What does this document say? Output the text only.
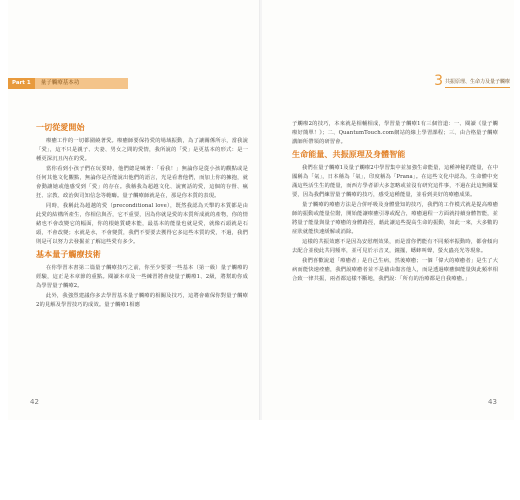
Part 1	量子觸療基本功	3 共振原理、生命力及量子觸療
一切從愛開始

療癒工作的一切都圍繞著愛。療癒師要保持愛的場域振動，為了讓關係所示，當我說「愛」，這不只是親子、夫妻、男女之間的愛情，我所說的「愛」是更基本的形式：是一種更深沉且內在的愛。

當你看到小孩子們在玩要時，他們總是喊著：「看我！」無論你是從小孩的觀點或是任何其他文化觀點，無論你是否能說出他們的語言，光是看著他們，而加上你的擁抱，就會動讓她或他感受到「愛」的存在。我稱我為超越文化、說實話的愛，這個的存督、瘋狂、宗教、政治與司知信念等範疇。量子觸療師就是在，那是你本質的表現。

同時，我稱此為超越的愛（preconditional love），既然我認為天擊的本質都是由此愛的結構所產生，你相信與否，它不重要，因為你就是愛的本質所成就的產物，你的情緒也不會改變它的幅面，你的根她質礎本能，最基本的能量也就是愛，就像石頭就是石頭，不會改變；水就是水，不會變質，我們不要要去獲得它多這些本質的愛，不過，我們則是可以努力去發掘並了解這些愛有多少。

基本量子觸療技術

在你學習本書第二篇量子觸療技巧之前，你至少要要一些基本（第一級）量子觸療的經驗，這正是本章節的重點。閱讀本章及一些練習將會使量子觸療1、2級，將幫助你成為學習量子觸療2。

此外，我強烈建議你多去學習基本量子觸療的相關及技巧，這將會確保你對量子觸療2的見解及學習技巧的成效。量子觸療1相應

子觸療2的技巧，本來就是相輔相成，學習量子觸療1有三個管道：一、閱讀《量子觸療好簡單！》；二、QuantumTouch.com網站的線上學習課程；三、由合格量子觸療講師所帶領的研習會。

生命能量、共振原理及身體智能

我們在量子觸療1及量子觸療2中學習集中並加強生命能量，這種神秘的能量，在中國稱為「氣」，日本稱為「氣」，印度稱為「Prana」。在這些文化中認為，生命體中充滿這些活生生的能量，而西方學者卻大多忽略或並沒有研究這件事，不過在此這無關緊要，因為我們練習量子觸療的技巧，感受這種能量，並看到美好的療癒成果。

量子觸療的療癒方法是合併呼吸及身體覺知的技巧，我們的工作模式就是提高療癒師的振動或能量位階，開始能讓療癒引導或配合，療癒過程一方面就持續身體智能，並將量子能量與量子療癒的身體路徑，藉此讓這些提高生命的振動，如此一來，大多數的症狀就能快速緩解或消除。

這樣的共振效應不是因為安慰劑效果，而是當你們能有不同頻率振動時，都會傾向去配合並使此共同頻率，並可見於示音叉，鐘擺，蟋蟀叫聲，螢火蟲亮光等現象。

我們喜歡說道「療癒者」是自己生病，然後療癒；一個「偉大的療癒者」是生了大病而能快速痊癒，我們說療癒者並不是藉由傷害他人，而是透過療癒個能量與此頻率相合致一律共振，兩者都這樣不斷地，我們說：「所有的治療都是自我療癒。」

42	43
